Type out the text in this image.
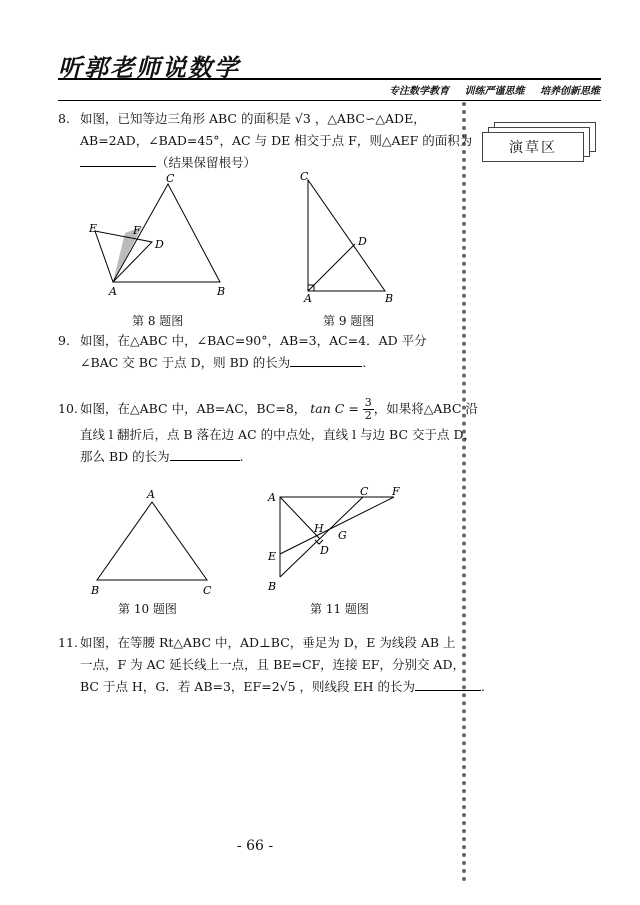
听郭老师说数学
专注数学教育 训练严谨思维 培养创新思维
演草区
8. 如图，已知等边三角形 ABC 的面积是 √3 ，△ABC∽△ADE，
AB=2AD，∠BAD=45°，AC 与 DE 相交于点 F，则△AEF 的面积为
（结果保留根号）
C
E	F
D
A	B
第 8 题图
C
D
A	B
第 9 题图
9. 如图，在△ABC 中，∠BAC=90°，AB=3，AC=4．AD 平分
∠BAC 交 BC 于点 D，则 BD 的长为	.
10. 如图，在△ABC 中，AB=AC，BC=8， $\tan C = \frac{3}{2}$ ，如果将△ABC 沿
直线 l 翻折后，点 B 落在边 AC 的中点处，直线 l 与边 BC 交于点 D，
那么 BD 的长为	.
A
B	C
第 10 题图
A	C F
H
G
D
E
B
第 11 题图
11. 如图，在等腰 Rt△ABC 中，AD⊥BC，垂足为 D，E 为线段 AB 上
一点，F 为 AC 延长线上一点，且 BE=CF，连接 EF，分别交 AD，
BC 于点 H，G．若 AB=3，EF=2√5 ，则线段 EH 的长为	.
- 66 -
